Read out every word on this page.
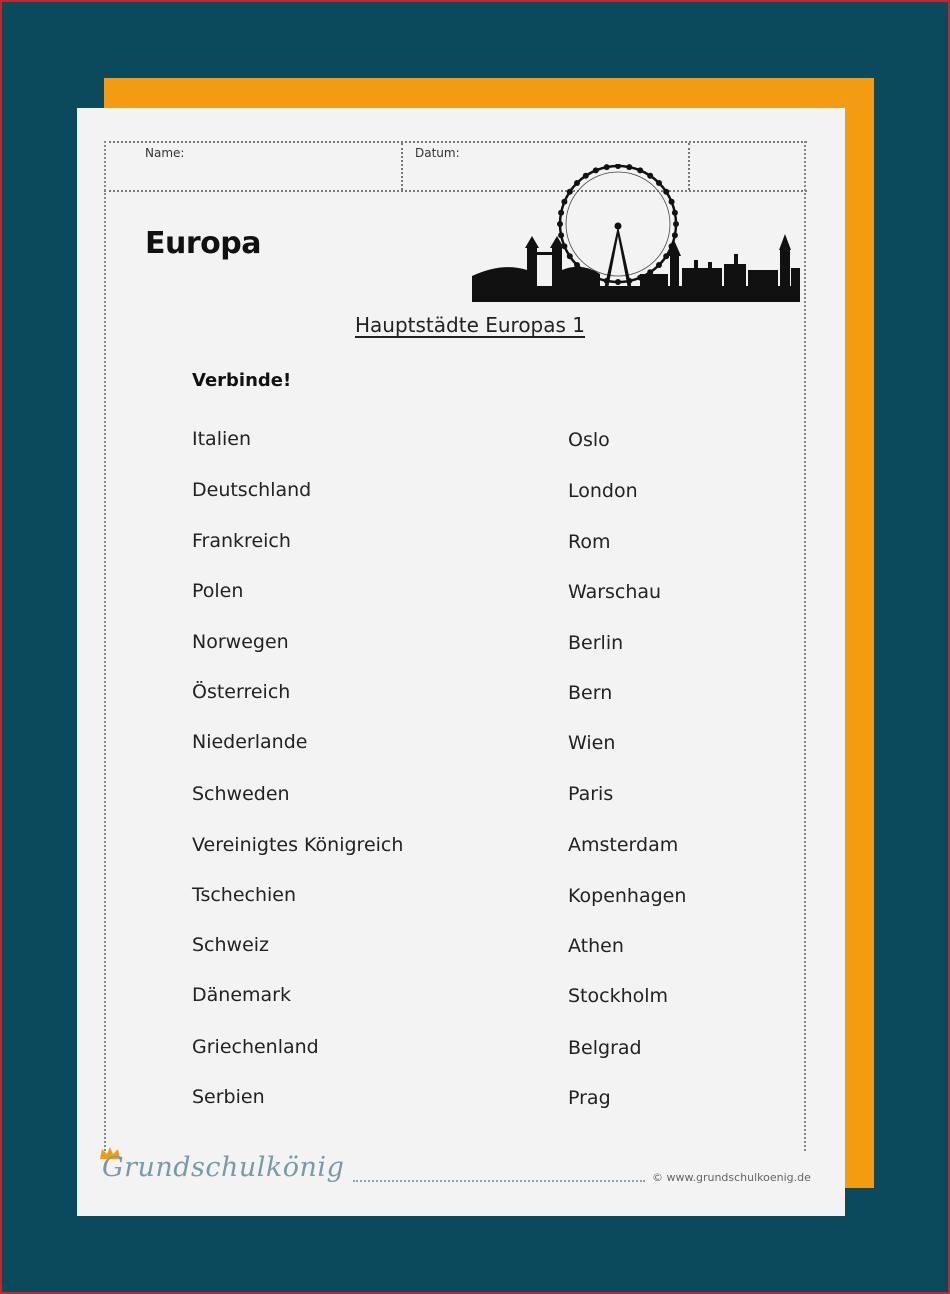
Name:	Datum:
Europa
Hauptstädte Europas 1
Verbinde!
Italien
Deutschland
Frankreich
Polen
Norwegen
Österreich
Niederlande
Schweden
Vereinigtes Königreich
Tschechien
Schweiz
Dänemark
Griechenland
Serbien
Oslo
London
Rom
Warschau
Berlin
Bern
Wien
Paris
Amsterdam
Kopenhagen
Athen
Stockholm
Belgrad
Prag
Grundschulkönig	© www.grundschulkoenig.de
